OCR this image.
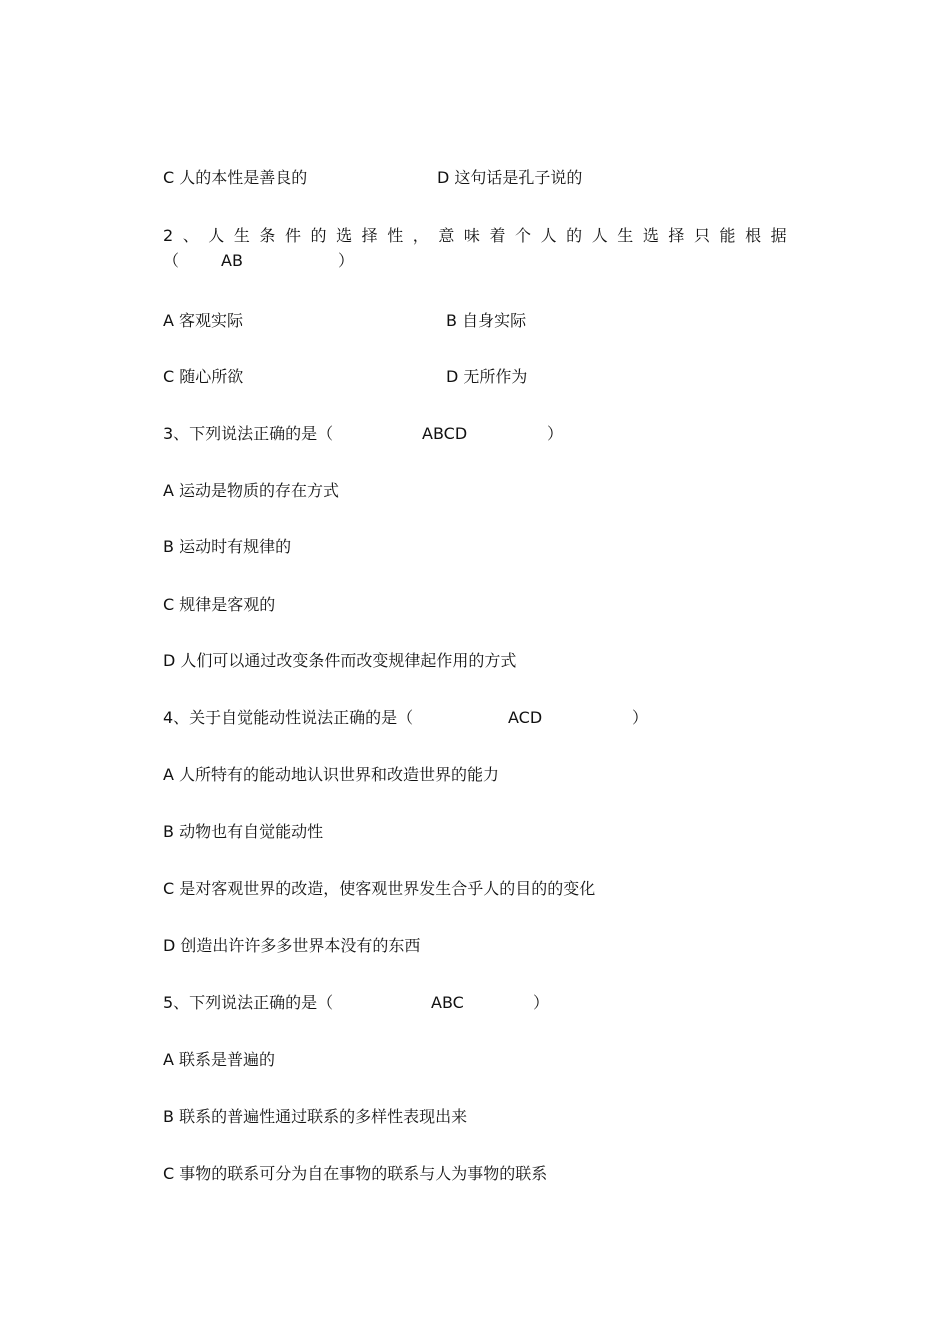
C 人的本性是善良的	D 这句话是孔子说的
2 、 人 生 条 件 的 选 择 性 ， 意 味 着 个 人 的 人 生 选 择 只 能 根 据
（	AB	）
A 客观实际	B 自身实际
C 随心所欲	D 无所作为
3、下列说法正确的是（	ABCD	）
A 运动是物质的存在方式
B 运动时有规律的
C 规律是客观的
D 人们可以通过改变条件而改变规律起作用的方式
4、关于自觉能动性说法正确的是（	ACD	）
A 人所特有的能动地认识世界和改造世界的能力
B 动物也有自觉能动性
C 是对客观世界的改造，使客观世界发生合乎人的目的的变化
D 创造出许许多多世界本没有的东西
5、下列说法正确的是（	ABC	）
A 联系是普遍的
B 联系的普遍性通过联系的多样性表现出来
C 事物的联系可分为自在事物的联系与人为事物的联系
